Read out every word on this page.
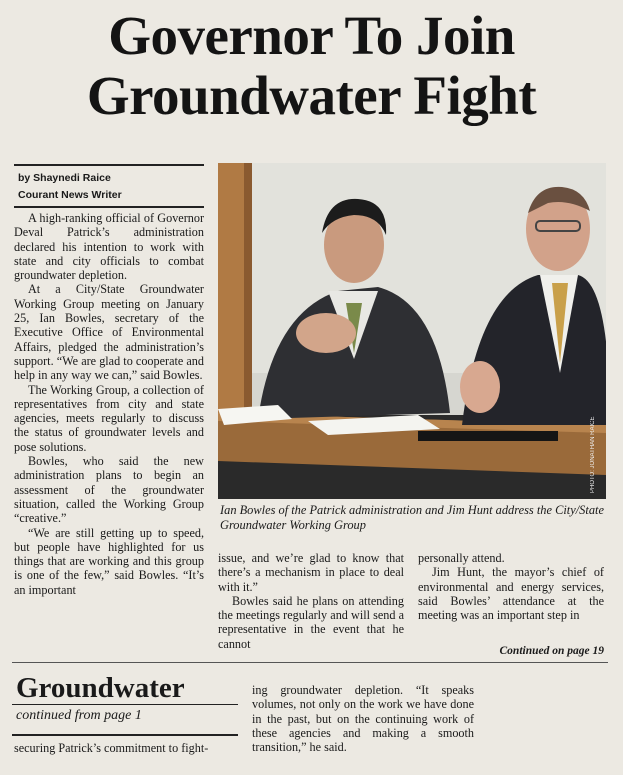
Governor To Join
Groundwater Fight
by Shaynedi Raice
Courant News Writer

A high-ranking official of Governor Deval Patrick’s administration declared his intention to work with state and city officials to combat groundwater depletion.

At a City/State Groundwater Working Group meeting on January 25, Ian Bowles, secretary of the Executive Office of Environmental Affairs, pledged the administration’s support. “We are glad to cooperate and help in any way we can,” said Bowles.

The Working Group, a collection of representatives from city and state agencies, meets regularly to discuss the status of groundwater levels and pose solutions.

Bowles, who said the new administration plans to begin an assessment of the groundwater situation, called the Working Group “creative.”

“We are still getting up to speed, but people have highlighted for us things that are working and this group is one of the few,” said Bowles. “It’s an important

PHOTO: JONATHAN RAICE
Ian Bowles of the Patrick administration and Jim Hunt address the City/State Groundwater Working Group

issue, and we’re glad to know that there’s a mechanism in place to deal with it.”

Bowles said he plans on attending the meetings regularly and will send a representative in the event that he cannot

personally attend.

Jim Hunt, the mayor’s chief of environmental and energy services, said Bowles’ attendance at the meeting was an important step in

Continued on page 19
Groundwater
continued from page 1

securing Patrick’s commitment to fight-

ing groundwater depletion. “It speaks volumes, not only on the work we have done in the past, but on the continuing work of these agencies and making a smooth transition,” he said.
